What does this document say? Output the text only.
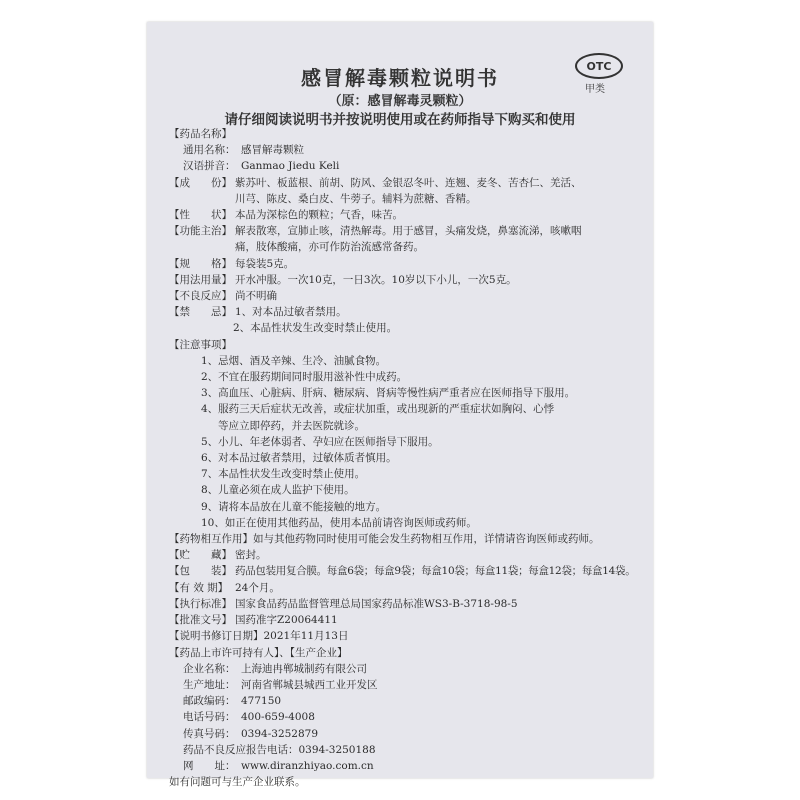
感冒解毒颗粒说明书
（原：感冒解毒灵颗粒）
请仔细阅读说明书并按说明使用或在药师指导下购买和使用
OTC
甲类
【药品名称】
通用名称： 感冒解毒颗粒
汉语拼音： Ganmao Jiedu Keli
【成　　份】 紫苏叶、板蓝根、前胡、防风、金银忍冬叶、连翘、麦冬、苦杏仁、羌活、
川芎、陈皮、桑白皮、牛蒡子。辅料为蔗糖、香精。
【性　　状】 本品为深棕色的颗粒；气香，味苦。
【功能主治】 解表散寒，宣肺止咳，清热解毒。用于感冒，头痛发烧，鼻塞流涕，咳嗽咽
痛，肢体酸痛，亦可作防治流感常备药。
【规　　格】 每袋装5克。
【用法用量】 开水冲服。一次10克，一日3次。10岁以下小儿，一次5克。
【不良反应】 尚不明确
【禁　　忌】 1、对本品过敏者禁用。
2、本品性状发生改变时禁止使用。
【注意事项】
1、忌烟、酒及辛辣、生冷、油腻食物。
2、不宜在服药期间同时服用滋补性中成药。
3、高血压、心脏病、肝病、糖尿病、肾病等慢性病严重者应在医师指导下服用。
4、服药三天后症状无改善，或症状加重，或出现新的严重症状如胸闷、心悸
等应立即停药，并去医院就诊。
5、小儿、年老体弱者、孕妇应在医师指导下服用。
6、对本品过敏者禁用，过敏体质者慎用。
7、本品性状发生改变时禁止使用。
8、儿童必须在成人监护下使用。
9、请将本品放在儿童不能接触的地方。
10、如正在使用其他药品，使用本品前请咨询医师或药师。
【药物相互作用】 如与其他药物同时使用可能会发生药物相互作用，详情请咨询医师或药师。
【贮　　藏】 密封。
【包　　装】 药品包装用复合膜。每盒6袋；每盒9袋；每盒10袋；每盒11袋；每盒12袋；每盒14袋。
【有 效 期】 24个月。
【执行标准】 国家食品药品监督管理总局国家药品标准WS3-B-3718-98-5
【批准文号】 国药准字Z20064411
【说明书修订日期】 2021年11月13日
【药品上市许可持有人】、【生产企业】
企业名称： 上海迪冉郸城制药有限公司
生产地址： 河南省郸城县城西工业开发区
邮政编码： 477150
电话号码： 400-659-4008
传真号码： 0394-3252879
药品不良反应报告电话：0394-3250188
网　　址： www.diranzhiyao.com.cn
如有问题可与生产企业联系。
